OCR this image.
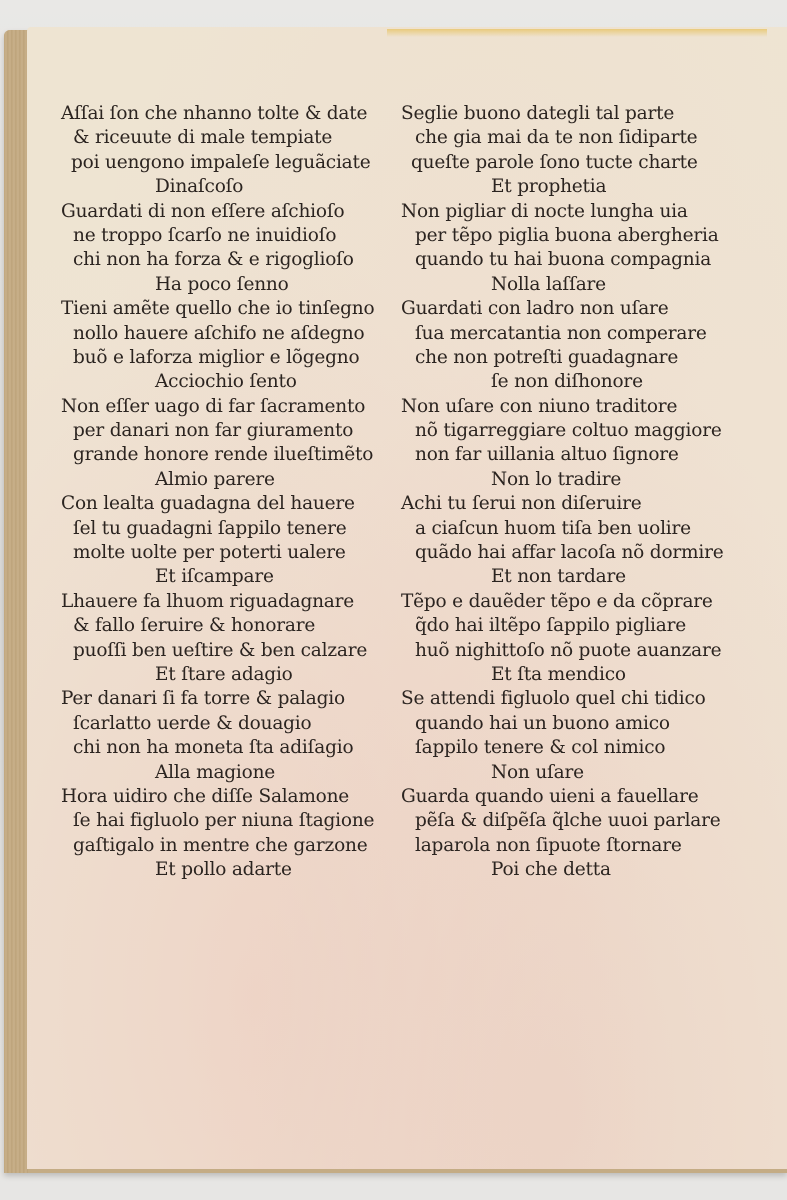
Aſſai ſon che nhanno tolte & date
& riceuute di male tempiate
poi uengono impaleſe leguãciate
Dinaſcoſo
Guardati di non eſſere aſchioſo
ne troppo ſcarſo ne inuidioſo
chi non ha forza & e rigoglioſo
Ha poco ſenno
Tieni amẽte quello che io tinſegno
nollo hauere aſchifo ne aſdegno
buõ e laforza miglior e lõgegno
Acciochio ſento
Non eſſer uago di far ſacramento
per danari non far giuramento
grande honore rende ilueſtimẽto
Almio parere
Con lealta guadagna del hauere
ſel tu guadagni ſappilo tenere
molte uolte per poterti ualere
Et iſcampare
Lhauere fa lhuom riguadagnare
& fallo ſeruire & honorare
puoſſi ben ueſtire & ben calzare
Et ſtare adagio
Per danari ſi fa torre & palagio
ſcarlatto uerde & douagio
chi non ha moneta ſta adiſagio
Alla magione
Hora uidiro che diſſe Salamone
ſe hai figluolo per niuna ſtagione
gaſtigalo in mentre che garzone
Et pollo adarte
Seglie buono dategli tal parte
che gia mai da te non ſidiparte
queſte parole ſono tucte charte
Et prophetia
Non pigliar di nocte lungha uia
per tẽpo piglia buona abergheria
quando tu hai buona compagnia
Nolla laſſare
Guardati con ladro non uſare
ſua mercatantia non comperare
che non potreſti guadagnare
ſe non diſhonore
Non uſare con niuno traditore
nõ tigarreggiare coltuo maggiore
non far uillania altuo ſignore
Non lo tradire
Achi tu ſerui non diſeruire
a ciaſcun huom tiſa ben uolire
quãdo hai affar lacoſa nõ dormire
Et non tardare
Tẽpo e dauẽder tẽpo e da cõprare
q̃do hai iltẽpo ſappilo pigliare
huõ nighittoſo nõ puote auanzare
Et ſta mendico
Se attendi figluolo quel chi tidico
quando hai un buono amico
ſappilo tenere & col nimico
Non uſare
Guarda quando uieni a fauellare
pẽſa & diſpẽſa q̃lche uuoi parlare
laparola non ſipuote ſtornare
Poi che detta
